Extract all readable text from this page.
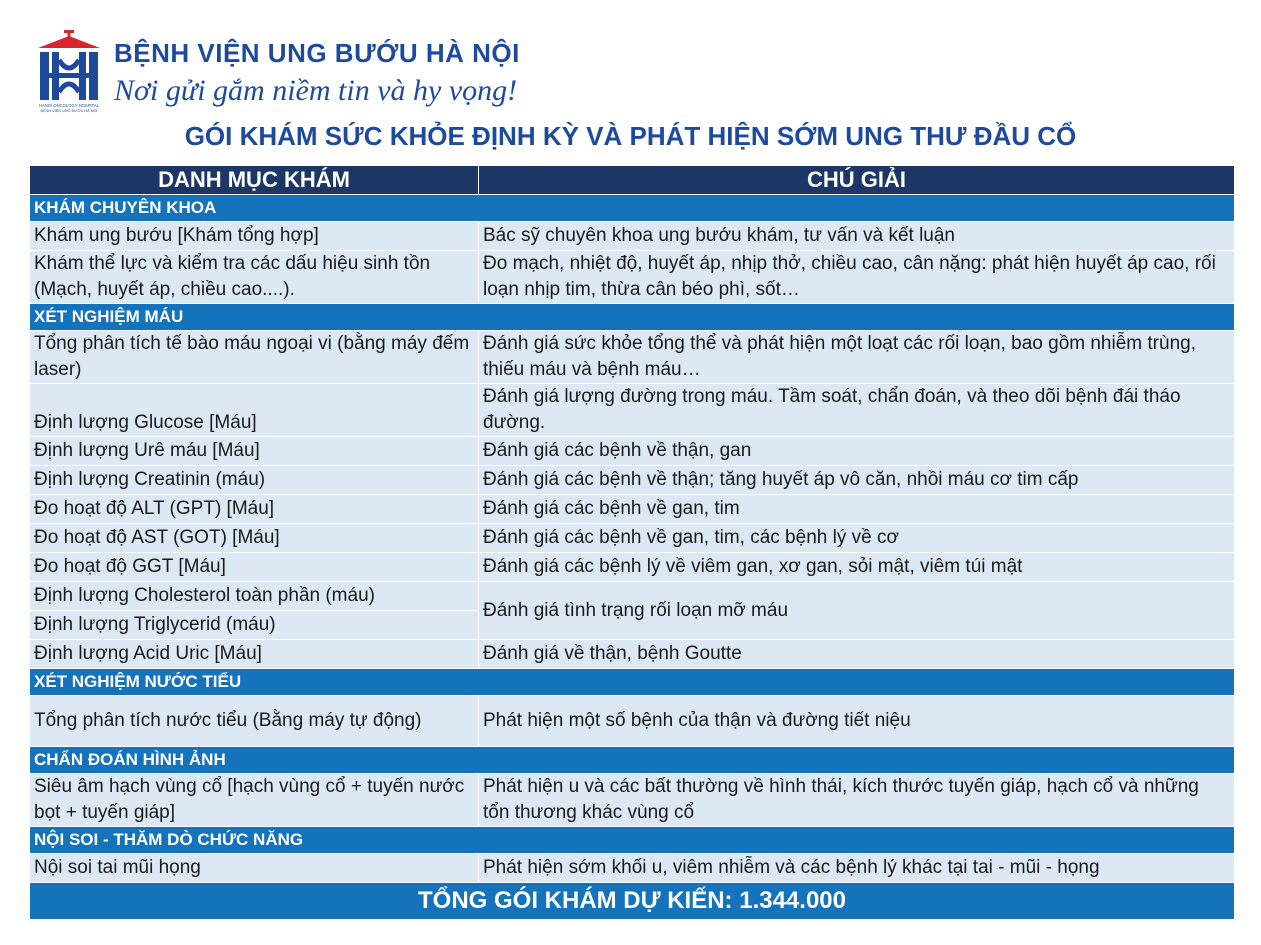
HANOI ONCOLOGY HOSPITAL
BỆNH VIỆN UNG BƯỚU HÀ NỘI
BỆNH VIỆN UNG BƯỚU HÀ NỘI
Nơi gửi gắm niềm tin và hy vọng!
GÓI KHÁM SỨC KHỎE ĐỊNH KỲ VÀ PHÁT HIỆN SỚM UNG THƯ ĐẦU CỔ
DANH MỤC KHÁM	CHÚ GIẢI
KHÁM CHUYÊN KHOA	
Khám ung bướu [Khám tổng hợp]	Bác sỹ chuyên khoa ung bướu khám, tư vấn và kết luận
Khám thể lực và kiểm tra các dấu hiệu sinh tồn (Mạch, huyết áp, chiều cao....).	Đo mạch, nhiệt độ, huyết áp, nhịp thở, chiều cao, cân nặng: phát hiện huyết áp cao, rối loạn nhịp tim, thừa cân béo phì, sốt…
XÉT NGHIỆM MÁU	
Tổng phân tích tế bào máu ngoại vi (bằng máy đếm laser)	Đánh giá sức khỏe tổng thể và phát hiện một loạt các rối loạn, bao gồm nhiễm trùng, thiếu máu và bệnh máu…
Định lượng Glucose [Máu]	Đánh giá lượng đường trong máu. Tầm soát, chẩn đoán, và theo dõi bệnh đái tháo đường.
Định lượng Urê máu [Máu]	Đánh giá các bệnh về thận, gan
Định lượng Creatinin (máu)	Đánh giá các bệnh về thận; tăng huyết áp vô căn, nhồi máu cơ tim cấp
Đo hoạt độ ALT (GPT) [Máu]	Đánh giá các bệnh về gan, tim
Đo hoạt độ AST (GOT) [Máu]	Đánh giá các bệnh về gan, tim, các bệnh lý về cơ
Đo hoạt độ GGT [Máu]	Đánh giá các bệnh lý về viêm gan, xơ gan, sỏi mật, viêm túi mật
Định lượng Cholesterol toàn phần (máu)	Đánh giá tình trạng rối loạn mỡ máu
Định lượng Triglycerid (máu)	
Định lượng Acid Uric [Máu]	Đánh giá về thận, bệnh Goutte
XÉT NGHIỆM NƯỚC TIỂU	
Tổng phân tích nước tiểu (Bằng máy tự động)	Phát hiện một số bệnh của thận và đường tiết niệu
CHẨN ĐOÁN HÌNH ẢNH	
Siêu âm hạch vùng cổ [hạch vùng cổ + tuyến nước bọt + tuyến giáp]	Phát hiện u và các bất thường về hình thái, kích thước tuyến giáp, hạch cổ và những tổn thương khác vùng cổ
NỘI SOI - THĂM DÒ CHỨC NĂNG	
Nội soi tai mũi họng	Phát hiện sớm khối u, viêm nhiễm và các bệnh lý khác tại tai - mũi - họng
TỔNG GÓI KHÁM DỰ KIẾN: 1.344.000	
